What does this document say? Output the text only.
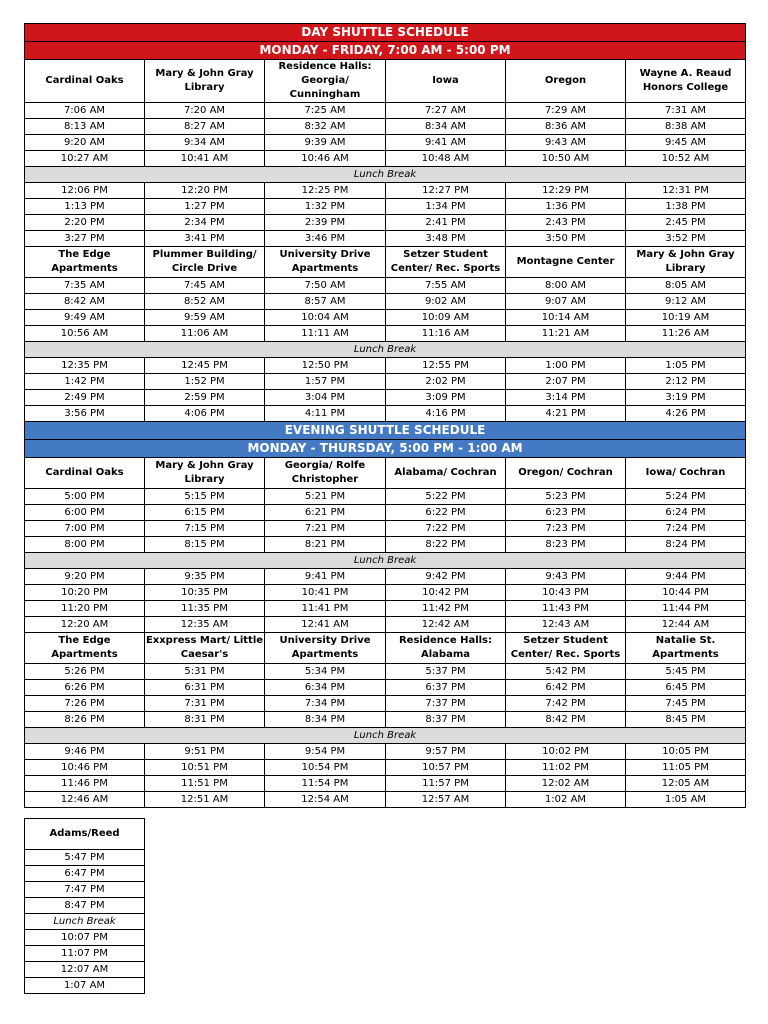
DAY SHUTTLE SCHEDULE					
MONDAY - FRIDAY, 7:00 AM - 5:00 PM					
Cardinal Oaks	Mary & John Gray Library	Residence Halls: Georgia/ Cunningham	Iowa	Oregon	Wayne A. Reaud Honors College
7:06 AM	7:20 AM	7:25 AM	7:27 AM	7:29 AM	7:31 AM
8:13 AM	8:27 AM	8:32 AM	8:34 AM	8:36 AM	8:38 AM
9:20 AM	9:34 AM	9:39 AM	9:41 AM	9:43 AM	9:45 AM
10:27 AM	10:41 AM	10:46 AM	10:48 AM	10:50 AM	10:52 AM
Lunch Break					
12:06 PM	12:20 PM	12:25 PM	12:27 PM	12:29 PM	12:31 PM
1:13 PM	1:27 PM	1:32 PM	1:34 PM	1:36 PM	1:38 PM
2:20 PM	2:34 PM	2:39 PM	2:41 PM	2:43 PM	2:45 PM
3:27 PM	3:41 PM	3:46 PM	3:48 PM	3:50 PM	3:52 PM
The Edge Apartments	Plummer Building/ Circle Drive	University Drive Apartments	Setzer Student Center/ Rec. Sports	Montagne Center	Mary & John Gray Library
7:35 AM	7:45 AM	7:50 AM	7:55 AM	8:00 AM	8:05 AM
8:42 AM	8:52 AM	8:57 AM	9:02 AM	9:07 AM	9:12 AM
9:49 AM	9:59 AM	10:04 AM	10:09 AM	10:14 AM	10:19 AM
10:56 AM	11:06 AM	11:11 AM	11:16 AM	11:21 AM	11:26 AM
Lunch Break					
12:35 PM	12:45 PM	12:50 PM	12:55 PM	1:00 PM	1:05 PM
1:42 PM	1:52 PM	1:57 PM	2:02 PM	2:07 PM	2:12 PM
2:49 PM	2:59 PM	3:04 PM	3:09 PM	3:14 PM	3:19 PM
3:56 PM	4:06 PM	4:11 PM	4:16 PM	4:21 PM	4:26 PM
EVENING SHUTTLE SCHEDULE					
MONDAY - THURSDAY, 5:00 PM - 1:00 AM					
Cardinal Oaks	Mary & John Gray Library	Georgia/ Rolfe Christopher	Alabama/ Cochran	Oregon/ Cochran	Iowa/ Cochran
5:00 PM	5:15 PM	5:21 PM	5:22 PM	5:23 PM	5:24 PM
6:00 PM	6:15 PM	6:21 PM	6:22 PM	6:23 PM	6:24 PM
7:00 PM	7:15 PM	7:21 PM	7:22 PM	7:23 PM	7:24 PM
8:00 PM	8:15 PM	8:21 PM	8:22 PM	8:23 PM	8:24 PM
Lunch Break					
9:20 PM	9:35 PM	9:41 PM	9:42 PM	9:43 PM	9:44 PM
10:20 PM	10:35 PM	10:41 PM	10:42 PM	10:43 PM	10:44 PM
11:20 PM	11:35 PM	11:41 PM	11:42 PM	11:43 PM	11:44 PM
12:20 AM	12:35 AM	12:41 AM	12:42 AM	12:43 AM	12:44 AM
The Edge Apartments	Exxpress Mart/ Little Caesar's	University Drive Apartments	Residence Halls: Alabama	Setzer Student Center/ Rec. Sports	Natalie St. Apartments
5:26 PM	5:31 PM	5:34 PM	5:37 PM	5:42 PM	5:45 PM
6:26 PM	6:31 PM	6:34 PM	6:37 PM	6:42 PM	6:45 PM
7:26 PM	7:31 PM	7:34 PM	7:37 PM	7:42 PM	7:45 PM
8:26 PM	8:31 PM	8:34 PM	8:37 PM	8:42 PM	8:45 PM
Lunch Break					
9:46 PM	9:51 PM	9:54 PM	9:57 PM	10:02 PM	10:05 PM
10:46 PM	10:51 PM	10:54 PM	10:57 PM	11:02 PM	11:05 PM
11:46 PM	11:51 PM	11:54 PM	11:57 PM	12:02 AM	12:05 AM
12:46 AM	12:51 AM	12:54 AM	12:57 AM	1:02 AM	1:05 AM
Adams/Reed
5:47 PM
6:47 PM
7:47 PM
8:47 PM
Lunch Break
10:07 PM
11:07 PM
12:07 AM
1:07 AM
